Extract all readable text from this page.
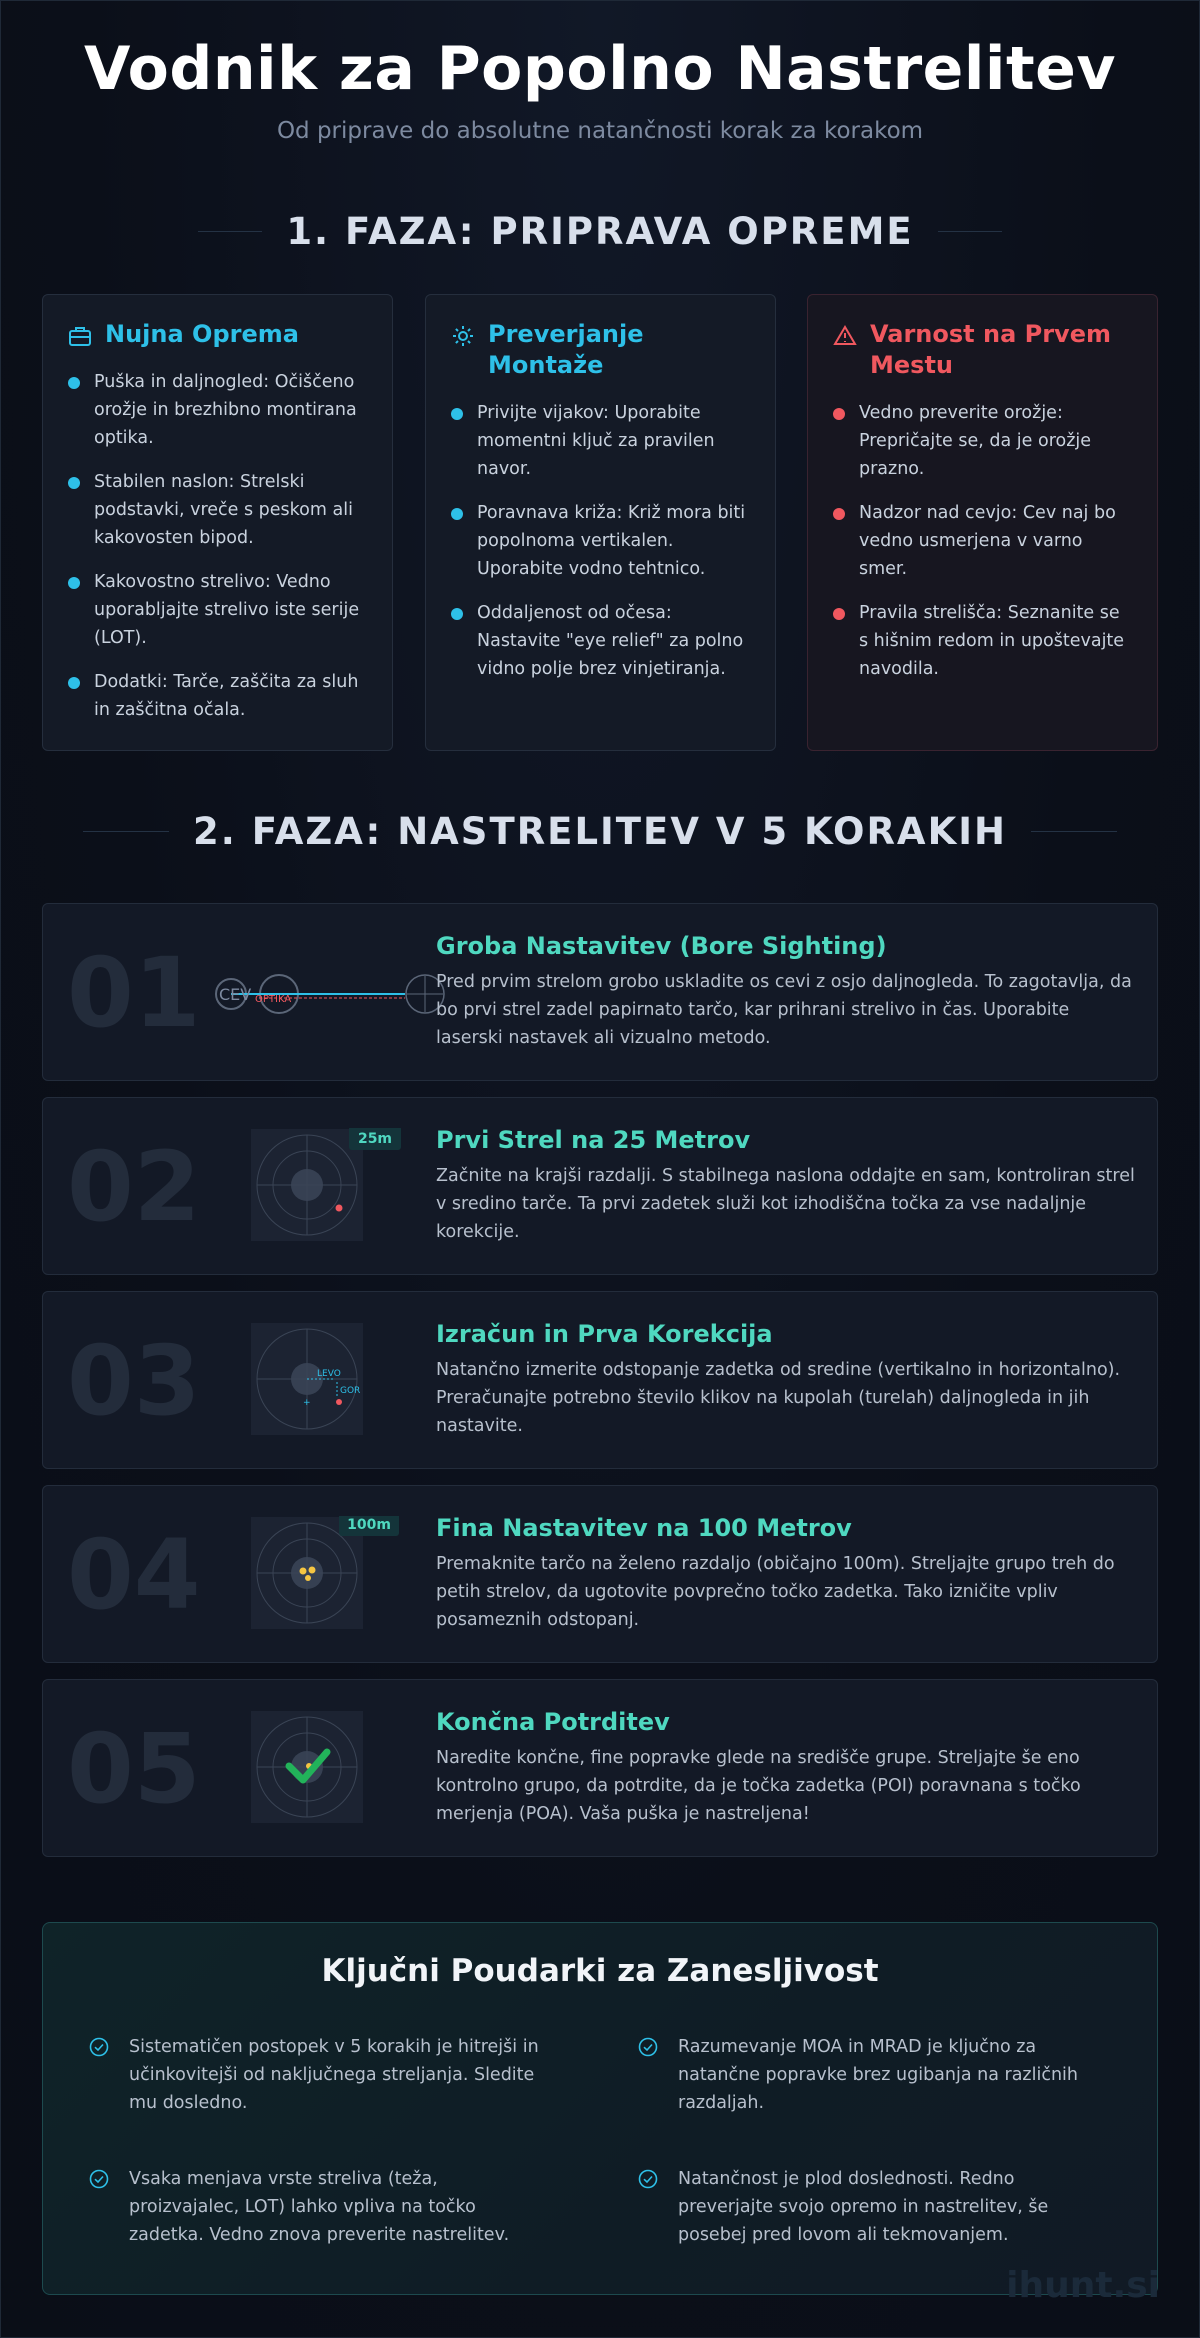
Vodnik za Popolno Nastrelitev
Od priprave do absolutne natančnosti korak za korakom
1. FAZA: PRIPRAVA OPREME
Nujna Oprema
Puška in daljnogled: Očiščeno orožje in brezhibno montirana optika.
Stabilen naslon: Strelski podstavki, vreče s peskom ali kakovosten bipod.
Kakovostno strelivo: Vedno uporabljajte strelivo iste serije (LOT).
Dodatki: Tarče, zaščita za sluh in zaščitna očala.
Preverjanje Montaže
Privijte vijakov: Uporabite momentni ključ za pravilen navor.
Poravnava križa: Križ mora biti popolnoma vertikalen. Uporabite vodno tehtnico.
Oddaljenost od očesa: Nastavite "eye relief" za polno vidno polje brez vinjetiranja.
Varnost na Prvem Mestu
Vedno preverite orožje: Prepričajte se, da je orožje prazno.
Nadzor nad cevjo: Cev naj bo vedno usmerjena v varno smer.
Pravila strelišča: Seznanite se s hišnim redom in upoštevajte navodila.
2. FAZA: NASTRELITEV V 5 KORAKIH
01 CEV OPTIKA
Groba Nastavitev (Bore Sighting)
Pred prvim strelom grobo uskladite os cevi z osjo daljnogleda. To zagotavlja, da bo prvi strel zadel papirnato tarčo, kar prihrani strelivo in čas. Uporabite laserski nastavek ali vizualno metodo.
02	25m Prvi Strel na 25 Metrov
Začnite na krajši razdalji. S stabilnega naslona oddajte en sam, kontroliran strel v sredino tarče. Ta prvi zadetek služi kot izhodiščna točka za vse nadaljnje korekcije.
03	LEVO
GOR
+
Izračun in Prva Korekcija
Natančno izmerite odstopanje zadetka od sredine (vertikalno in horizontalno). Preračunajte potrebno število klikov na kupolah (turelah) daljnogleda in jih nastavite.
04	100m Fina Nastavitev na 100 Metrov
Premaknite tarčo na želeno razdaljo (običajno 100m). Streljajte grupo treh do petih strelov, da ugotovite povprečno točko zadetka. Tako izničite vpliv posameznih odstopanj.
05	Končna Potrditev
Naredite končne, fine popravke glede na središče grupe. Streljajte še eno kontrolno grupo, da potrdite, da je točka zadetka (POI) poravnana s točko merjenja (POA). Vaša puška je nastreljena!
Ključni Poudarki za Zanesljivost
Sistematičen postopek v 5 korakih je hitrejši in učinkovitejši od naključnega streljanja. Sledite mu dosledno.
Razumevanje MOA in MRAD je ključno za natančne popravke brez ugibanja na različnih razdaljah.
Vsaka menjava vrste streliva (teža, proizvajalec, LOT) lahko vpliva na točko zadetka. Vedno znova preverite nastrelitev.
Natančnost je plod doslednosti. Redno preverjajte svojo opremo in nastrelitev, še posebej pred lovom ali tekmovanjem.
ihunt.si
